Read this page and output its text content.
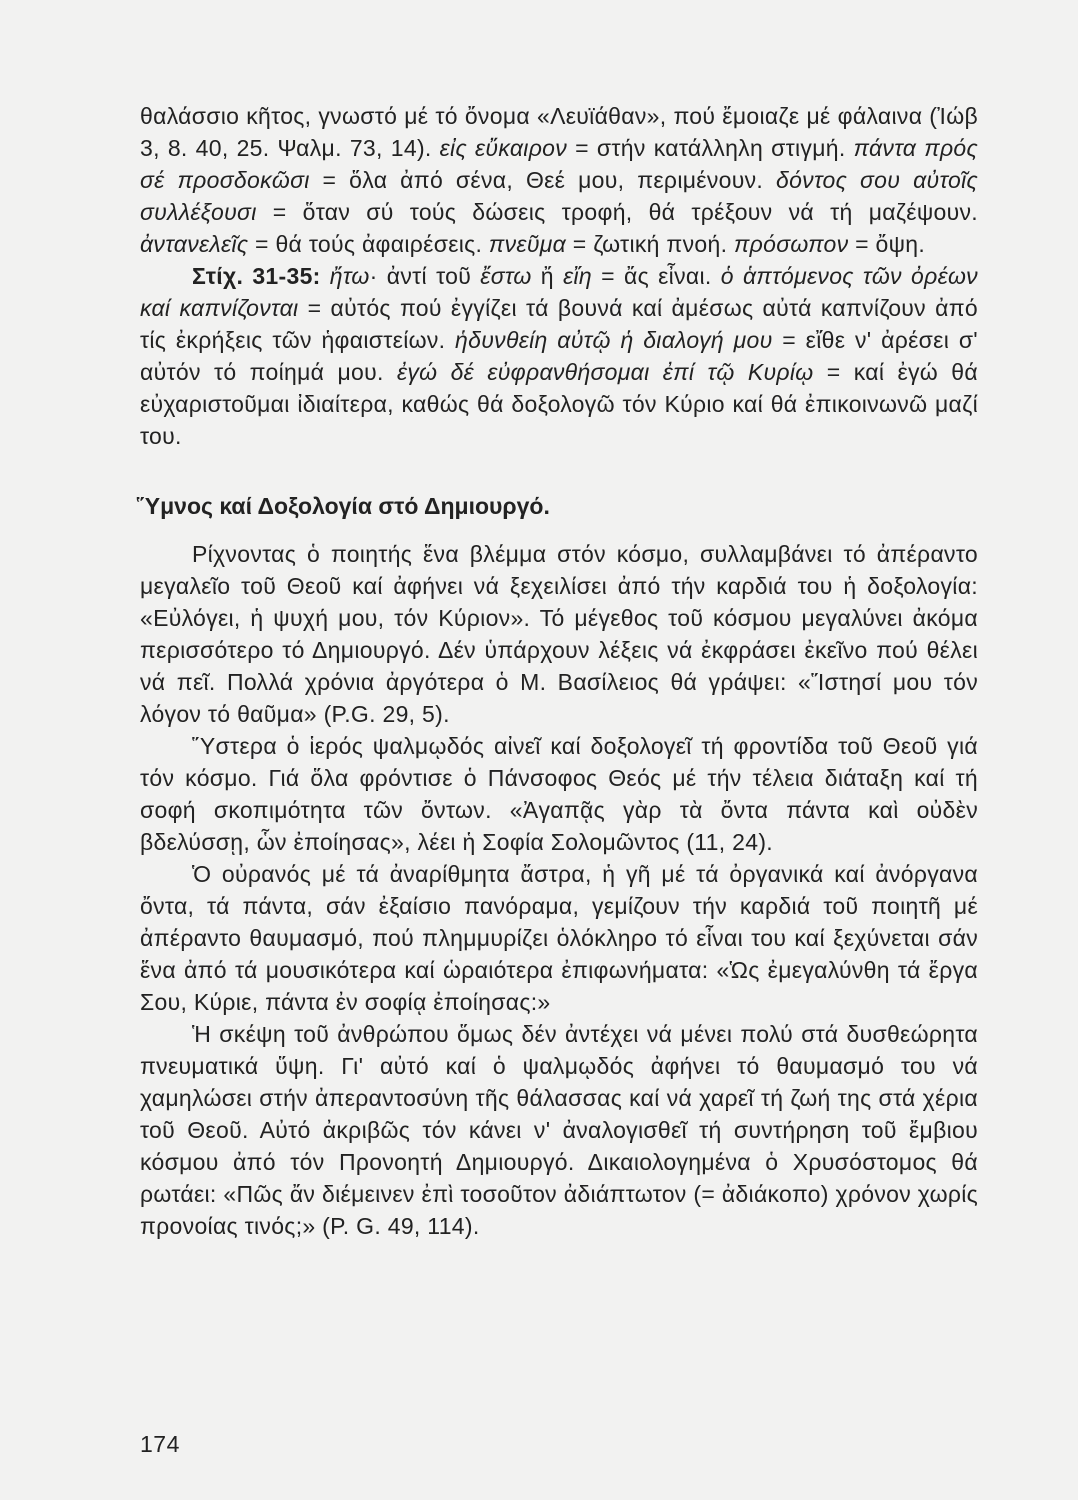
θαλάσσιο κῆτος, γνωστό μέ τό ὄνομα «Λευϊάθαν», πού ἔμοιαζε μέ φάλαινα (Ἰώβ 3, 8. 40, 25. Ψαλμ. 73, 14). εἰς εὔκαιρον = στήν κατάλληλη στιγμή. πάντα πρός σέ προσδοκῶσι = ὅλα ἀπό σένα, Θεέ μου, περιμένουν. δόντος σου αὐτοῖς συλλέξουσι = ὅταν σύ τούς δώσεις τροφή, θά τρέξουν νά τή μαζέψουν. ἀντανελεῖς = θά τούς ἀφαιρέσεις. πνεῦμα = ζωτική πνοή. πρόσωπον = ὄψη.

Στίχ. 31-35: ἤτω· ἀντί τοῦ ἔστω ἤ εἴη = ἄς εἶναι. ὁ ἁπτόμενος τῶν ὀρέων καί καπνίζονται = αὐτός πού ἐγγίζει τά βουνά καί ἀμέσως αὐτά καπνίζουν ἀπό τίς ἐκρήξεις τῶν ἡφαιστείων. ἡδυνθείη αὐτῷ ἡ διαλογή μου = εἴθε ν' ἀρέσει σ' αὐτόν τό ποίημά μου. ἐγώ δέ εὐφρανθήσομαι ἐπί τῷ Κυρίῳ = καί ἐγώ θά εὐχαριστοῦμαι ἰδιαίτερα, καθώς θά δοξολογῶ τόν Κύριο καί θά ἐπικοινωνῶ μαζί του.

Ὕμνος καί Δοξολογία στό Δημιουργό.

Ρίχνοντας ὁ ποιητής ἕνα βλέμμα στόν κόσμο, συλλαμβάνει τό ἀπέραντο μεγαλεῖο τοῦ Θεοῦ καί ἀφήνει νά ξεχειλίσει ἀπό τήν καρδιά του ἡ δοξολογία: «Εὐλόγει, ἡ ψυχή μου, τόν Κύριον». Τό μέγεθος τοῦ κόσμου μεγαλύνει ἀκόμα περισσότερο τό Δημιουργό. Δέν ὑπάρχουν λέξεις νά ἐκφράσει ἐκεῖνο πού θέλει νά πεῖ. Πολλά χρόνια ἀργότερα ὁ Μ. Βασίλειος θά γράψει: «Ἵστησί μου τόν λόγον τό θαῦμα» (P.G. 29, 5).

Ὕστερα ὁ ἱερός ψαλμῳδός αἰνεῖ καί δοξολογεῖ τή φροντίδα τοῦ Θεοῦ γιά τόν κόσμο. Γιά ὅλα φρόντισε ὁ Πάνσοφος Θεός μέ τήν τέλεια διάταξη καί τή σοφή σκοπιμότητα τῶν ὄντων. «Ἀγαπᾷς γὰρ τὰ ὄντα πάντα καὶ οὐδὲν βδελύσσῃ, ὧν ἐποίησας», λέει ἡ Σοφία Σολομῶντος (11, 24).

Ὁ οὐρανός μέ τά ἀναρίθμητα ἄστρα, ἡ γῆ μέ τά ὀργανικά καί ἀνόργανα ὄντα, τά πάντα, σάν ἐξαίσιο πανόραμα, γεμίζουν τήν καρδιά τοῦ ποιητῆ μέ ἀπέραντο θαυμασμό, πού πλημμυρίζει ὁλόκληρο τό εἶναι του καί ξεχύνεται σάν ἕνα ἀπό τά μουσικότερα καί ὡραιότερα ἐπιφωνήματα: «Ὡς ἐμεγαλύνθη τά ἔργα Σου, Κύριε, πάντα ἐν σοφίᾳ ἐποίησας:»

Ἡ σκέψη τοῦ ἀνθρώπου ὅμως δέν ἀντέχει νά μένει πολύ στά δυσθεώρητα πνευματικά ὕψη. Γι' αὐτό καί ὁ ψαλμῳδός ἀφήνει τό θαυμασμό του νά χαμηλώσει στήν ἀπεραντοσύνη τῆς θάλασσας καί νά χαρεῖ τή ζωή της στά χέρια τοῦ Θεοῦ. Αὐτό ἀκριβῶς τόν κάνει ν' ἀναλογισθεῖ τή συντήρηση τοῦ ἔμβιου κόσμου ἀπό τόν Προνοητή Δημιουργό. Δικαιολογημένα ὁ Χρυσόστομος θά ρωτάει: «Πῶς ἄν διέμεινεν ἐπὶ τοσοῦτον ἀδιάπτωτον (= ἀδιάκοπο) χρόνον χωρίς προνοίας τινός;» (P. G. 49, 114).

174
